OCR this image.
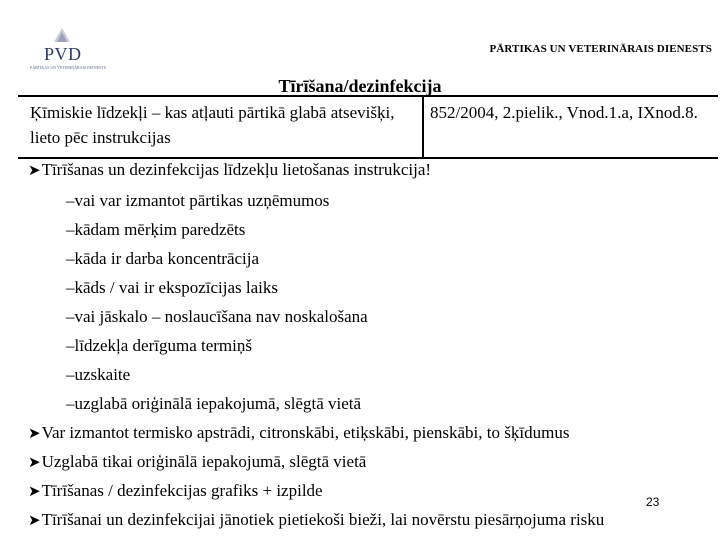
PVD
PĀRTIKAS UN VETERINĀRAIS DIENESTS
PĀRTIKAS UN VETERINĀRAIS DIENESTS
Tīrīšana/dezinfekcija
Ķīmiskie līdzekļi – kas atļauti pārtikā glabā atsevišķi, lieto pēc instrukcijas
852/2004, 2.pielik., Vnod.1.a, IXnod.8.
➤Tīrīšanas un dezinfekcijas līdzekļu lietošanas instrukcija!
–vai var izmantot pārtikas uzņēmumos
–kādam mērķim paredzēts
–kāda ir darba koncentrācija
–kāds / vai ir ekspozīcijas laiks
–vai jāskalo – noslaucīšana nav noskalošana
–līdzekļa derīguma termiņš
–uzskaite
–uzglabā oriģinālā iepakojumā, slēgtā vietā
➤Var izmantot termisko apstrādi, citronskābi, etiķskābi, pienskābi, to šķīdumus
➤Uzglabā tikai oriģinālā iepakojumā, slēgtā vietā
➤Tīrīšanas / dezinfekcijas grafiks + izpilde
➤Tīrīšanai un dezinfekcijai jānotiek pietiekoši bieži, lai novērstu piesārņojuma risku
23
